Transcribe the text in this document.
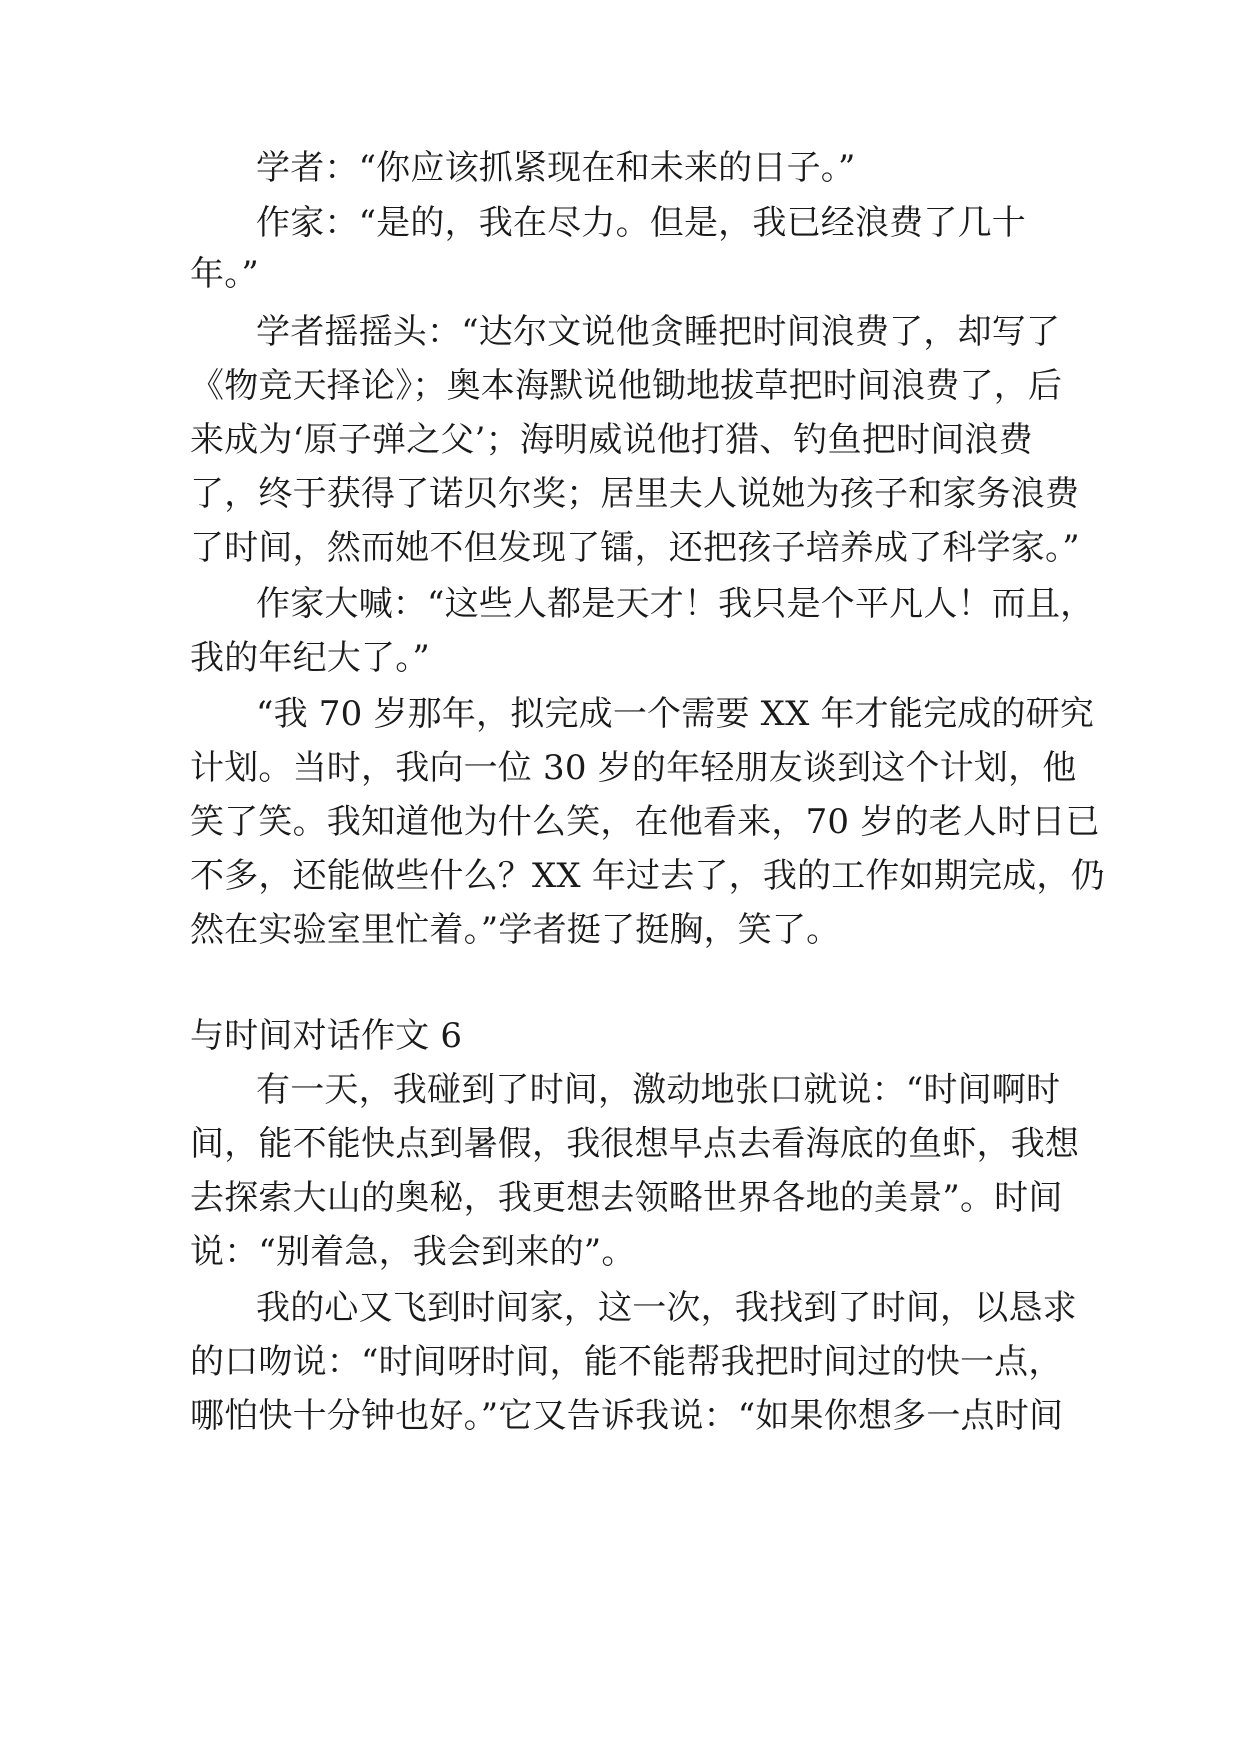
学者：“你应该抓紧现在和未来的日子。”
作家：“是的，我在尽力。但是，我已经浪费了几十
年。”
学者摇摇头：“达尔文说他贪睡把时间浪费了，却写了
《物竞天择论》；奥本海默说他锄地拔草把时间浪费了，后
来成为‘原子弹之父’；海明威说他打猎、钓鱼把时间浪费
了，终于获得了诺贝尔奖；居里夫人说她为孩子和家务浪费
了时间，然而她不但发现了镭，还把孩子培养成了科学家。”
作家大喊：“这些人都是天才！我只是个平凡人！而且，
我的年纪大了。”
“我 70 岁那年，拟完成一个需要 XX 年才能完成的研究
计划。当时，我向一位 30 岁的年轻朋友谈到这个计划，他
笑了笑。我知道他为什么笑，在他看来，70 岁的老人时日已
不多，还能做些什么？XX 年过去了，我的工作如期完成，仍
然在实验室里忙着。”学者挺了挺胸，笑了。
与时间对话作文 6
有一天，我碰到了时间，激动地张口就说：“时间啊时
间，能不能快点到暑假，我很想早点去看海底的鱼虾，我想
去探索大山的奥秘，我更想去领略世界各地的美景”。时间
说：“别着急，我会到来的”。
我的心又飞到时间家，这一次，我找到了时间，以恳求
的口吻说：“时间呀时间，能不能帮我把时间过的快一点，
哪怕快十分钟也好。”它又告诉我说：“如果你想多一点时间
